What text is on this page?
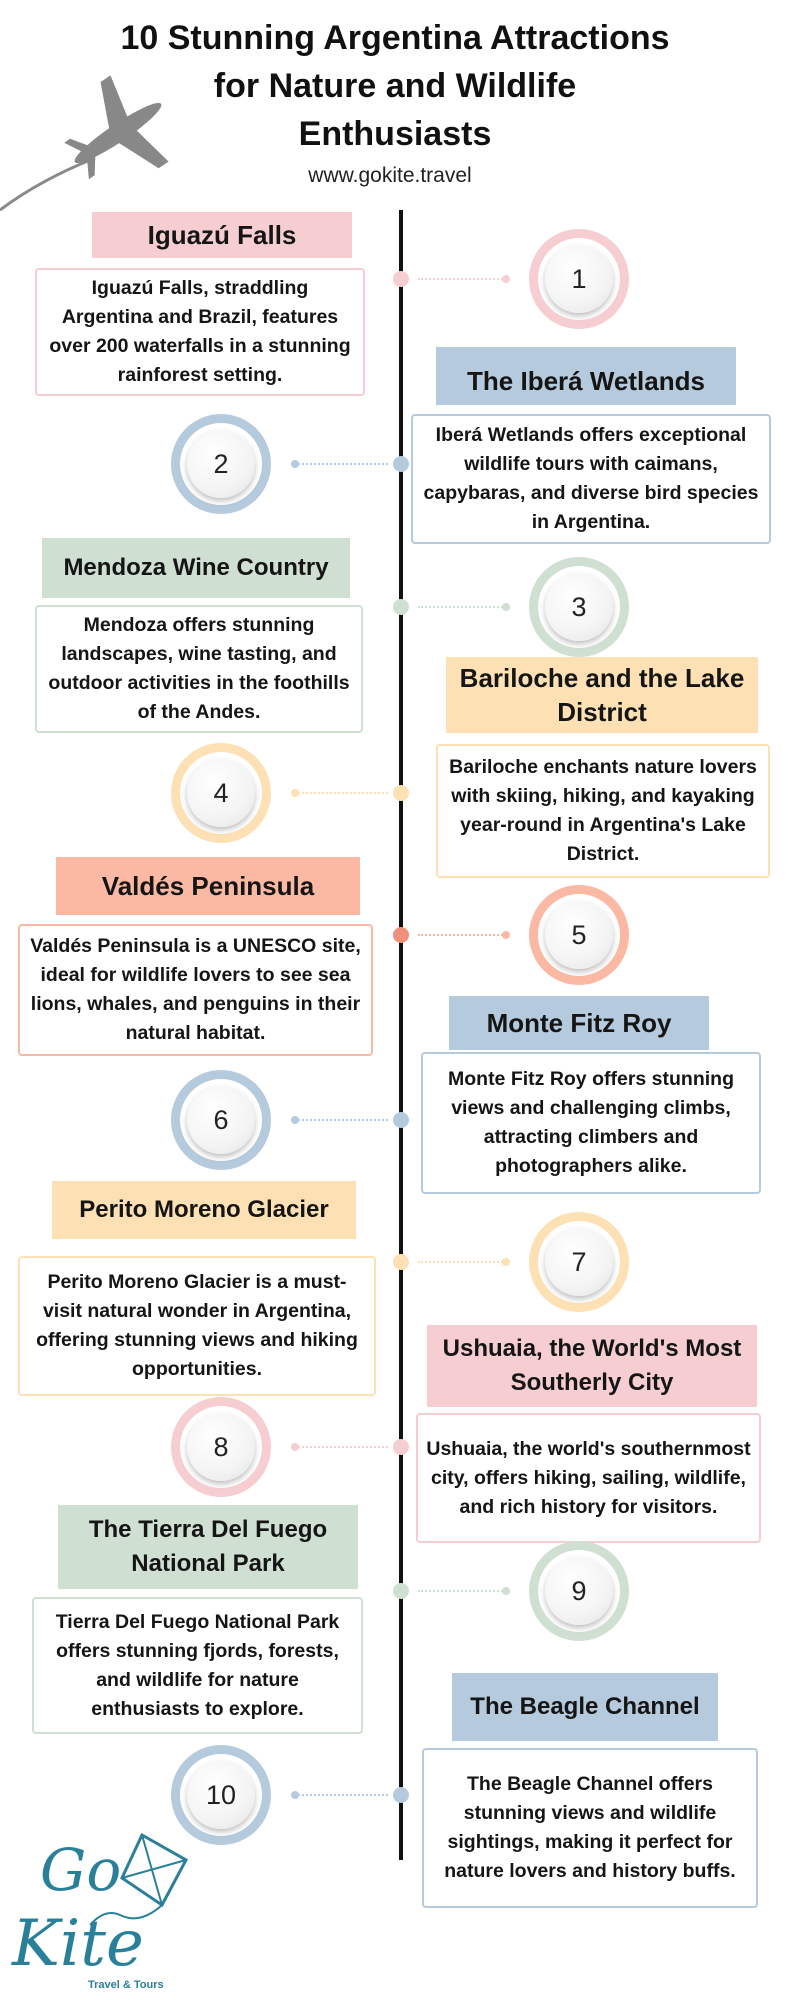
10 Stunning Argentina Attractions
for Nature and Wildlife
Enthusiasts
www.gokite.travel
Iguazú Falls
Iguazú Falls, straddling Argentina and Brazil, features over 200 waterfalls in a stunning rainforest setting.
1
The Iberá Wetlands
Iberá Wetlands offers exceptional wildlife tours with caimans, capybaras, and diverse bird species in Argentina.
2
Mendoza Wine Country
Mendoza offers stunning landscapes, wine tasting, and outdoor activities in the foothills of the Andes.
3
Bariloche and the Lake District
Bariloche enchants nature lovers with skiing, hiking, and kayaking year-round in Argentina's Lake District.
4
Valdés Peninsula
Valdés Peninsula is a UNESCO site, ideal for wildlife lovers to see sea lions, whales, and penguins in their natural habitat.
5
Monte Fitz Roy
Monte Fitz Roy offers stunning views and challenging climbs, attracting climbers and photographers alike.
6
Perito Moreno Glacier
Perito Moreno Glacier is a must-visit natural wonder in Argentina, offering stunning views and hiking opportunities.
7
Ushuaia, the World's Most Southerly City
Ushuaia, the world's southernmost city, offers hiking, sailing, wildlife, and rich history for visitors.
8
The Tierra Del Fuego National Park
Tierra Del Fuego National Park offers stunning fjords, forests, and wildlife for nature enthusiasts to explore.
9
The Beagle Channel
The Beagle Channel offers stunning views and wildlife sightings, making it perfect for nature lovers and history buffs.
10
Go
Kite
Travel & Tours
